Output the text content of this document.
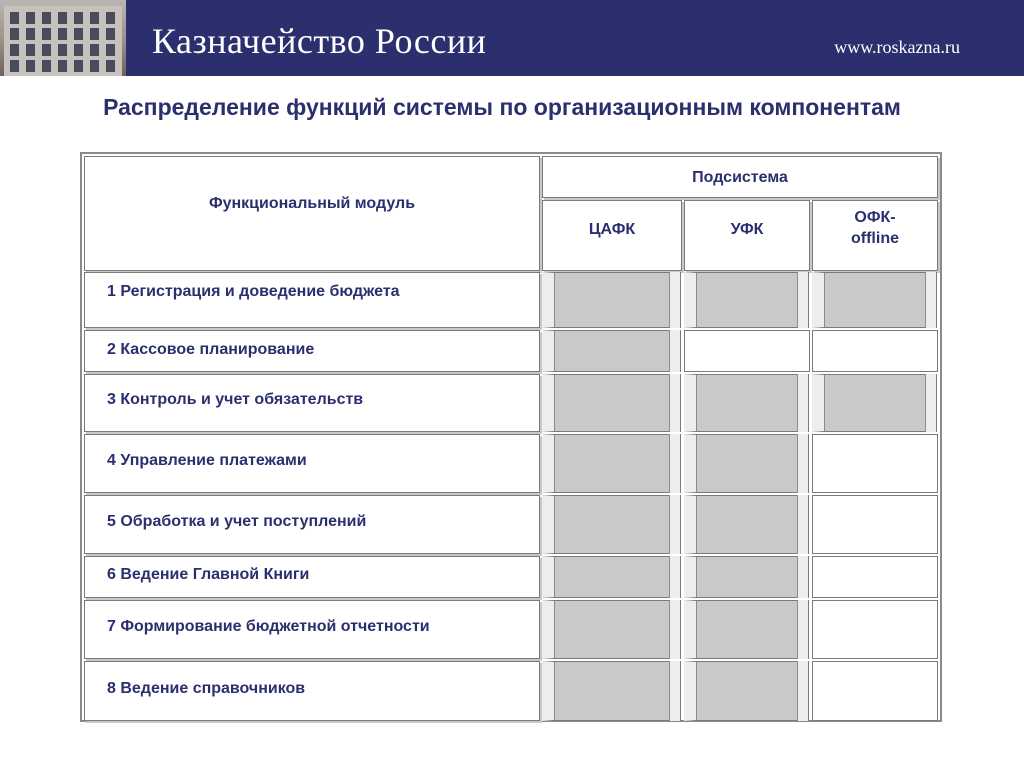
Казначейство России	www.roskazna.ru
Распределение функций системы по организационным компонентам
Функциональный модуль
Подсистема
ЦАФК	УФК
ОФК-offline
1 Регистрация и доведение бюджета
2 Кассовое планирование
3 Контроль и учет обязательств
4 Управление платежами
5 Обработка и учет поступлений
6 Ведение Главной Книги
7 Формирование бюджетной отчетности
8 Ведение справочников
